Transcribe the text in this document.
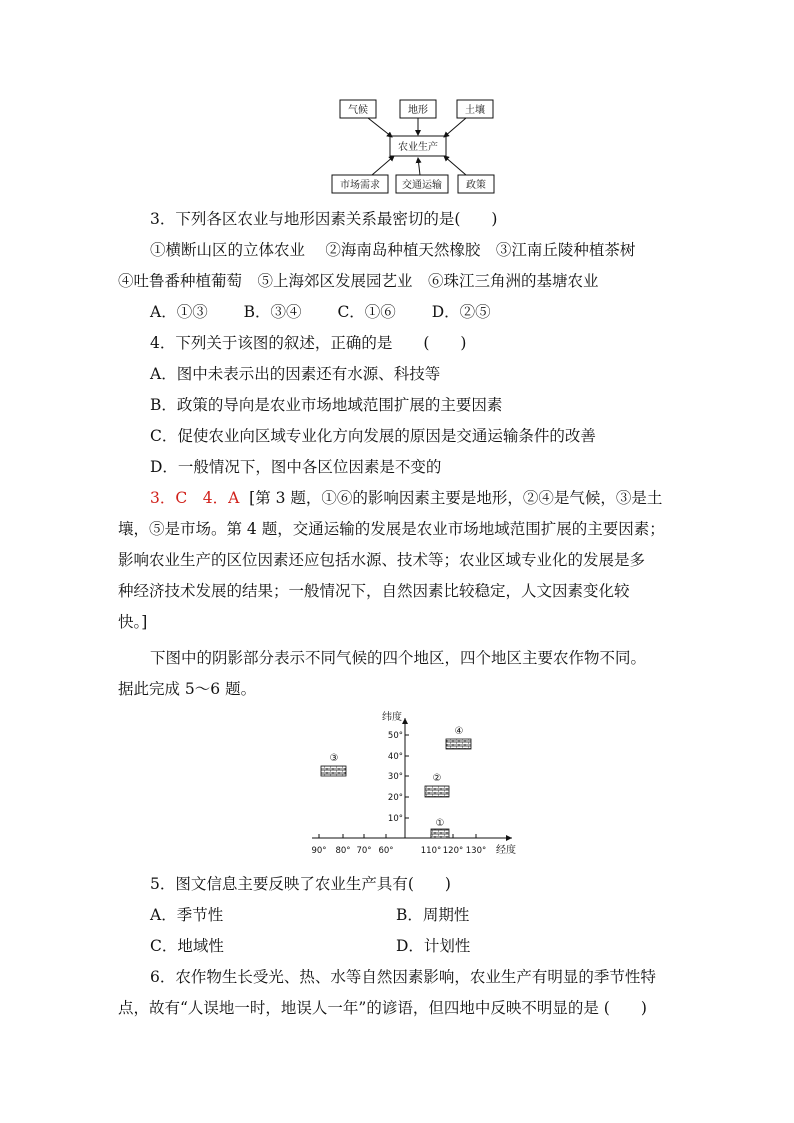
气候	地形	土壤
农业生产
市场需求 交通运输 政策
3．下列各区农业与地形因素关系最密切的是(　　)
①横断山区的立体农业　 ②海南岛种植天然橡胶　③江南丘陵种植茶树
④吐鲁番种植葡萄　⑤上海郊区发展园艺业　⑥珠江三角洲的基塘农业
A．①③　　 B．③④　　 C．①⑥　　 D．②⑤
4．下列关于该图的叙述，正确的是　　(　　)
A．图中未表示出的因素还有水源、科技等
B．政策的导向是农业市场地域范围扩展的主要因素
C．促使农业向区域专业化方向发展的原因是交通运输条件的改善
D．一般情况下，图中各区位因素是不变的
3．C　4．A [第 3 题，①⑥的影响因素主要是地形，②④是气候，③是土
壤，⑤是市场。第 4 题，交通运输的发展是农业市场地域范围扩展的主要因素；
影响农业生产的区位因素还应包括水源、技术等；农业区域专业化的发展是多
种经济技术发展的结果；一般情况下，自然因素比较稳定，人文因素变化较
快。]
下图中的阴影部分表示不同气候的四个地区，四个地区主要农作物不同。
据此完成 5～6 题。
纬度
经度
50°
40°
30°
20°
10°
90° 80° 70° 60°	110° 120° 130°
①
②
③
④
5．图文信息主要反映了农业生产具有(　　)
A．季节性	B．周期性
C．地域性	D．计划性
6．农作物生长受光、热、水等自然因素影响，农业生产有明显的季节性特
点，故有“人误地一时，地误人一年”的谚语，但四地中反映不明显的是 (　　)
